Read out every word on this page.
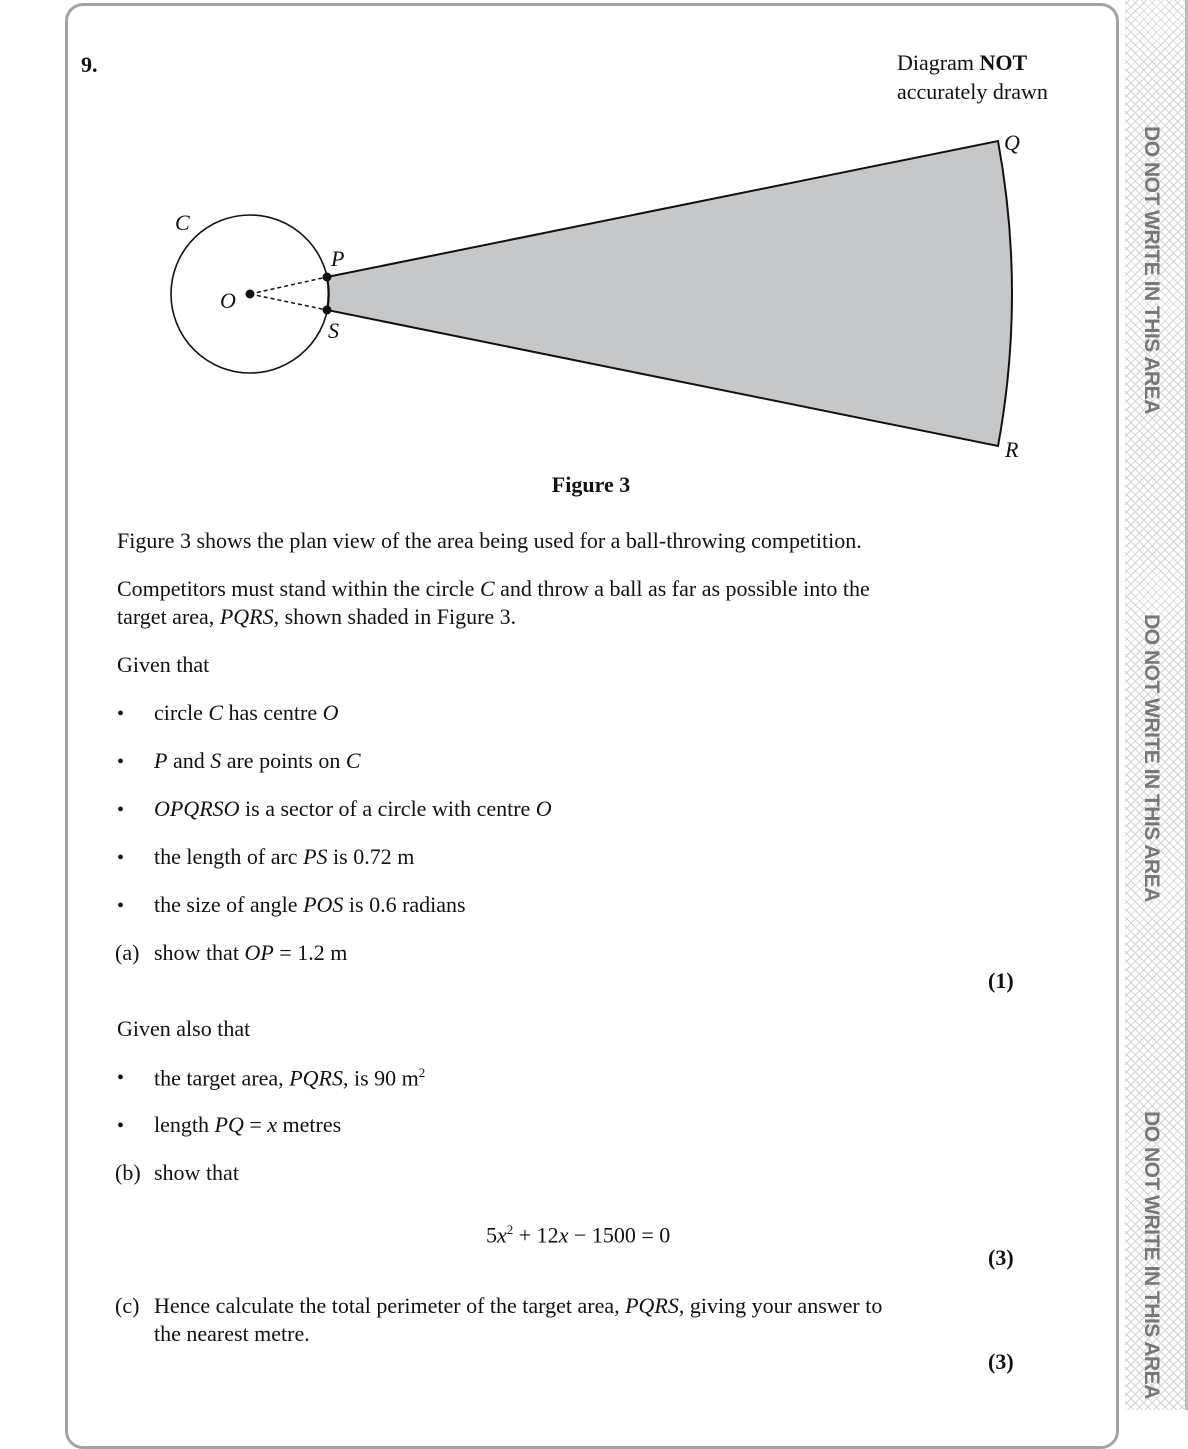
DO NOT WRITE IN THIS AREA
DO NOT WRITE IN THIS AREA
DO NOT WRITE IN THIS AREA
9.	Diagram NOT
accurately drawn
C
O
P
S
Q
R
Figure 3
Figure 3 shows the plan view of the area being used for a ball-throwing competition.
Competitors must stand within the circle C and throw a ball as far as possible into the
target area, PQRS, shown shaded in Figure 3.
Given that
• circle C has centre O
• P and S are points on C
• OPQRSO is a sector of a circle with centre O
• the length of arc PS is 0.72 m
• the size of angle POS is 0.6 radians
(a) show that OP = 1.2 m
(1)
Given also that
• the target area, PQRS, is 90 $m^2$
• length PQ = x metres
(b) show that
$5x^2 + 12x - 1500 = 0$
(3)
(c) Hence calculate the total perimeter of the target area, PQRS, giving your answer to
the nearest metre.
(3)
